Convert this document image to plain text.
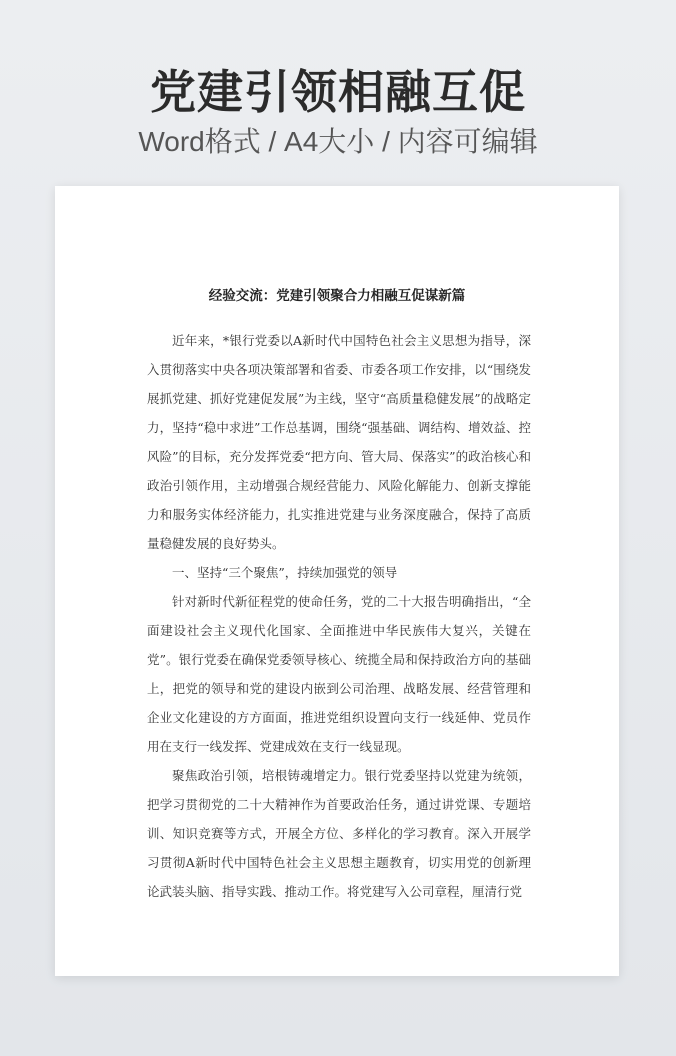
党建引领相融互促
Word格式 / A4大小 / 内容可编辑
经验交流：党建引领聚合力相融互促谋新篇

近年来，*银行党委以A新时代中国特色社会主义思想为指导，深入贯彻落实中央各项决策部署和省委、市委各项工作安排，以“围绕发展抓党建、抓好党建促发展”为主线，坚守“高质量稳健发展”的战略定力，坚持“稳中求进”工作总基调，围绕“强基础、调结构、增效益、控风险”的目标，充分发挥党委“把方向、管大局、保落实”的政治核心和政治引领作用，主动增强合规经营能力、风险化解能力、创新支撑能力和服务实体经济能力，扎实推进党建与业务深度融合，保持了高质量稳健发展的良好势头。

一、坚持“三个聚焦”，持续加强党的领导

针对新时代新征程党的使命任务，党的二十大报告明确指出，“全面建设社会主义现代化国家、全面推进中华民族伟大复兴，关键在党”。银行党委在确保党委领导核心、统揽全局和保持政治方向的基础上，把党的领导和党的建设内嵌到公司治理、战略发展、经营管理和企业文化建设的方方面面，推进党组织设置向支行一线延伸、党员作用在支行一线发挥、党建成效在支行一线显现。

聚焦政治引领，培根铸魂增定力。银行党委坚持以党建为统领，把学习贯彻党的二十大精神作为首要政治任务，通过讲党课、专题培训、知识竞赛等方式，开展全方位、多样化的学习教育。深入开展学习贯彻A新时代中国特色社会主义思想主题教育，切实用党的创新理论武装头脑、指导实践、推动工作。将党建写入公司章程，厘清行党
